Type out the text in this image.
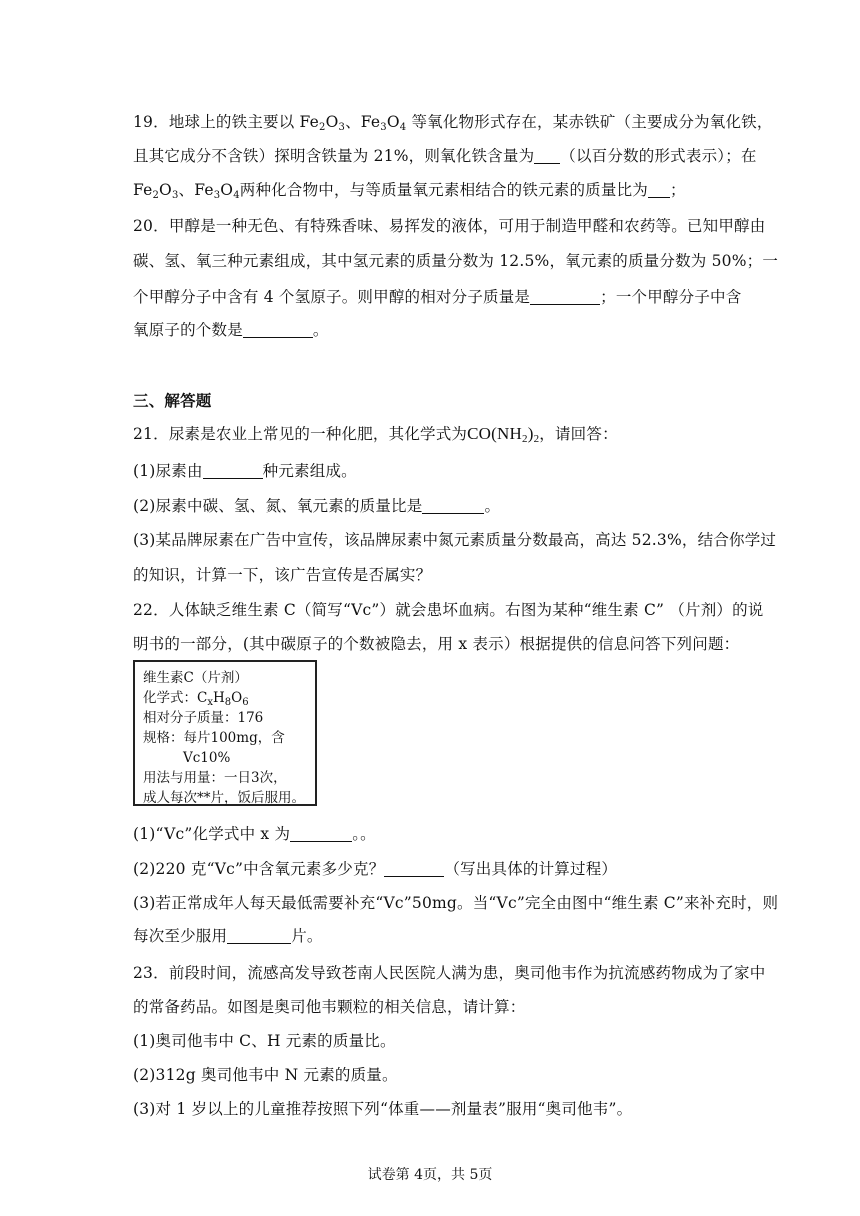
19．地球上的铁主要以 $Fe_2O_3$、$Fe_3O_4$ 等氧化物形式存在，某赤铁矿（主要成分为氧化铁，
且其它成分不含铁）探明含铁量为 21%，则氧化铁含量为 （以百分数的形式表示）；在
$Fe_2O_3$、$Fe_3O_4$两种化合物中，与等质量氧元素相结合的铁元素的质量比为 ；
20．甲醇是一种无色、有特殊香味、易挥发的液体，可用于制造甲醛和农药等。已知甲醇由
碳、氢、氧三种元素组成，其中氢元素的质量分数为 12.5%，氧元素的质量分数为 50%；一
个甲醇分子中含有 4 个氢原子。则甲醇的相对分子质量是	；一个甲醇分子中含
氧原子的个数是	。
三、解答题
21．尿素是农业上常见的一种化肥，其化学式为$CO(NH_2)_2$，请回答：
(1)尿素由	种元素组成。
(2)尿素中碳、氢、氮、氧元素的质量比是	。
(3)某品牌尿素在广告中宣传，该品牌尿素中氮元素质量分数最高，高达 52.3%，结合你学过
的知识，计算一下，该广告宣传是否属实？
22．人体缺乏维生素 C（简写“Vc”）就会患坏血病。右图为某种“维生素 C” （片剂）的说
明书的一部分，(其中碳原子的个数被隐去，用 x 表示）根据提供的信息问答下列问题：
维生素C（片剂）
化学式：$C_xH_8O_6$
相对分子质量：176
规格：每片100mg，含
Vc10%
用法与用量：一日3次，
成人每次**片，饭后服用。
(1)“Vc”化学式中 x 为	。。
(2)220 克“Vc”中含氧元素多少克？	（写出具体的计算过程）
(3)若正常成年人每天最低需要补充“Vc”50mg。当“Vc”完全由图中“维生素 C”来补充时，则
每次至少服用	片。
23．前段时间，流感高发导致苍南人民医院人满为患，奥司他韦作为抗流感药物成为了家中
的常备药品。如图是奥司他韦颗粒的相关信息，请计算：
(1)奥司他韦中 C、H 元素的质量比。
(2)312g 奥司他韦中 N 元素的质量。
(3)对 1 岁以上的儿童推荐按照下列“体重——剂量表”服用“奥司他韦”。
试卷第 4页，共 5页
